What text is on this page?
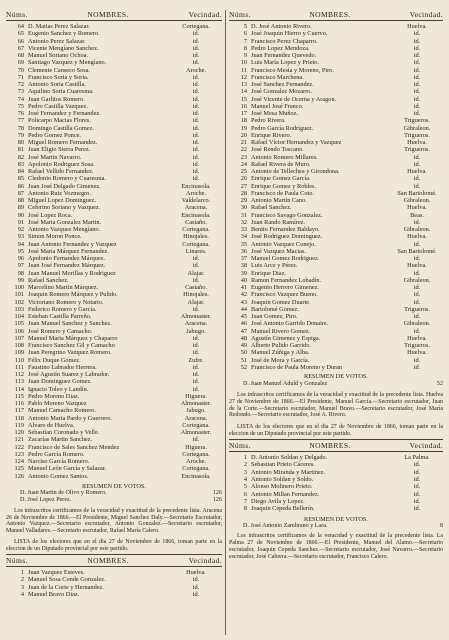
Núms.	NOMBRES.	Vecindad.
64 D. Matias Perez Salazar.	Cortegana.
65 Eugenio Sanchez y Romero.	id.
66 Antonio Perez Salazar.	id.
67 Vicente Mengíano Sanchez.	id.
68 Manuel Soriano Ochoa.	id.
69 Santiago Vazquez y Mengíano.	id.
70 Clemente Canseco Sosa.	Aroche.
71 Francisco Soria y Soria.	id.
72 Antonio Soria Castilla.	id.
73 Aquilino Soria Cuaresma.	id.
74 Juan Garlitos Romero.	id.
75 Pedro Castilla Vazquez.	id.
76 José Fernandez y Fernandez.	id.
77 Policarpo Macias Flores.	id.
78 Domingo Castilla Gomez.	id.
79 Pedro Gomez Ponce.	id.
80 Miguel Romero Fernandez.	id.
81 Juan Eligio Sierra Perez.	id.
82 José Martin Navarro.	id.
83 Apolonio Rodriguez Sosa.	id.
84 Rafael Vellido Fernandez.	id.
85 Cledonio Romero y Cuaresma.	id.
86 Juan José Delgado Gimenez.	Encinasola.
87 Antonio Ruiz Vozmegro.	Aroche.
88 Miguel Lopez Dominguez.	Valdelarco.
89 Ceferino Soriano y Vazquez.	Aracena.
90 José Lopez Roca.	Encinasola.
91 José Maria Gonzalez Martin.	Castaño.
92 Antonio Vazquez Mengíano.	Cortegana.
93 Simon Moron Ponce.	Hinojales.
94 Juan Antonio Fernandez y Vazquez	Cortegana.
95 José Maria Márquez Fernandez.	Linares.
96 Apolonio Fernandez Márquez.	id.
97 Juan José Fernandez Márquez.	id.
98 Juan Manuel Morillas y Rodriguez	Alajar.
99 Rafael Sanchez.	id.
100 Marcelino Martin Márquez.	Castaño.
101 Joaquin Romero Márquez y Pulido.	Hinojales.
102 Victoriano Romero y Notario.	Alajar.
103 Federico Romero y García.	id.
104 Esteban Castilla Parreño.	Almonaster.
105 Juan Manuel Sanchez y Sanchez.	Aracena.
106 José Romero y Camacho.	Jabugo.
107 Manuel Maria Márquez y Chaparro	id.
108 Francisco Sanchez Gil y Camacho	id.
109 Juan Peregrino Vazquez Romero.	id.
110 Félix Duque Gomez.	Zufre.
111 Faustino Labrador Herrera.	id.
112 José Agustín Suarez y Labrador.	id.
113 Juan Dominguez Gomez.	id.
114 Ignacio Toleo y Landín.	id.
115 Pedro Moreno Diaz.	Higuera.
116 Pablo Moreno Vazquez	Almonaster.
117 Manuel Camacho Romero.	Jabugo.
118 Antonio Maria Pardo y Guerrero.	Aracena.
119 Alvaro de Huelva.	Cortegana.
120 Sebastian Coronado y Velle.	Almonaster.
121 Zacarías Martin Sanchez.	id.
122 Francisco de Sales Sanchez Mendez	Higuera.
123 Pedro García Romero.	Cortegana.
124 Narciso García Romero.	Aroche.
125 Manuel León García y Salazar.	Cortegana.
126 Antonio Gomez Santos.	Encinasola.
RESUMEN DE VOTOS.
D. Juan Martin de Olivo y Romero.	126
D. José Lopez Perez.	126
Los infrascritos certificamos de la veracidad y exactitud de la precedente lista. Aracena 26 de Noviembre de 1866.—El Presidente, Miguel Sanchez Daly.—Secretario Escrutador, Antonio Vazquez.—Secretario escrutador, Antonio Gonzalez.—Secretario escrutador, Manuel Valladares.—Secretario escrutador, Rafael María Calero.
LISTA de los electores que en el dia 27 de Noviembre de 1866, toman parte en la eleccion de un Diputado provincial por este partido.
Núms.	NOMBRES.	Vecindad.
1 Juan Vazquez Esteves.	Huelva.
2 Manuel Sosa Conde Gonzalez.	id.
3 Juan de la Corte y Hernandez.	id.
4 Manuel Bravo Diaz.	id.
Núms.	NOMBRES.	Vecindad.
5 D. José Antonio Rivero.	Huelva.
6 José Joaquin Hierro y Cuervo.	id.
7 Francisco Perez Chaparro.	id.
8 Pedro Lopez Mendoza.	id.
9 Juan Fernandez Quevedo.	id.
10 Luis María Lopez y Prieto.	id.
11 Francisco Mesía y Moreno, Piro.	id.
12 Francisco Marchena.	id.
13 José Sanchez Fernandez.	id.
14 José Gonzalez Mozarro.	id.
15 José Vicente de Ocerna y Aragon.	id.
16 Manuel José Franco.	id.
17 José Mesa Muñoz.	id.
18 Pedro Rivera.	Trigueros.
19 Pedro García Rodriguez.	Gibraleon.
20 Enrique Rivero.	Trigueros.
21 Rafael Víctor Hernandez y Vazquez	Huelva.
22 José Rendo Toscano.	Trigueros.
23 Antonio Romero Millares.	id.
24 Rafael Rivera de Muro.	id.
25 Antonio de Tellechea y Girondona.	Huelva.
26 Enrique Gomez García.	id.
27 Enrique Gomez y Robles.	id.
28 Francisco de Paula Coto.	San Bartolomé.
29 Antonio Martin Cano.	Gibraleon.
30 Rafael Sanchez.	Huelva.
31 Francisco Savago Gonzalez.	Beas.
32 Juan Rando Ramírez.	id.
33 Benito Fernandez Baldayo.	Gibraleon.
34 José Rodriguez Dominguez.	Huelva.
35 Antonio Vazquez Conejo.	id.
36 José Vazquez Macias.	San Bartolomé.
37 Manuel Gomez Rodriguez.	id.
38 Luis Arce y Pérez.	Huelva.
39 Enrique Diaz.	id.
40 Ramon Fernandez Lobadín.	Gibraleon.
41 Eugenio Herrero Gimenez.	id.
42 Francisco Vazquez Bueno.	id.
43 Joaquin Gomez Duarte.	id.
44 Bartolomé Gomez.	Trigueros.
45 Juan Gomez, Piro.	id.
46 José Antonio Garrido Donaire.	Gibraleon.
47 Manuel Rivero Gomez.	id.
48 Agustín Gimenez y Espiga.	Huelva.
49 Alberto Pulido Garrido.	Trigueros.
50 Manuel Zúñiga y Alba.	Huelva.
51 José de Mora y García.	id.
52 Francisco de Paula Moreno y Duran	id.
RESUMEN DE VOTOS.
D. Juan Manuel Aduld y Gonzalez	52
Los infrascritos certificamos de la veracidad y exactitud de la precedente lista. Huelva 27 de Noviembre de 1866.—El Presidente, Manuel García.—Secretario escrutador, Juan de la Corte.—Secretario escrutador, Manuel Bravo.—Secretario escrutador, José María Redondo.—Secretario escrutador, José A. Rivero.
LISTA de los electores que en el dia 27 de Noviembre de 1866, toman parte en la eleccion de un Diputado provincial por este partido.
Núms.	NOMBRES.	Vecindad.
1 D. Antonio Soldan y Delgado.	La Palma.
2 Sebastian Prieto Cáceres.	id.
3 Antonio Miranda y Martinez.	id.
4 Antonio Soldan y Soldo.	id.
5 Alonso Molinero Prieto.	id.
6 Antonio Millan Fernandez.	id.
7 Diego Avila y Lopez.	id.
8 Joaquin Cepeda Bellerín.	id.
RESUMEN DE VOTOS.
D. José Antonio Zambrano y Lara.	8
Los infrascritos certificamos de la veracidad y exactitud de la precedente lista. La Palma 27 de Noviembre de 1866.—El Presidente, Manuel del Alamo.—Secretario escrutador, Joaquin Cepeda Sanchez.—Secretario escrutador, José Navarro.—Secretario escrutador, José Cabrera.—Secretario escrutador, Francisco Calero.
